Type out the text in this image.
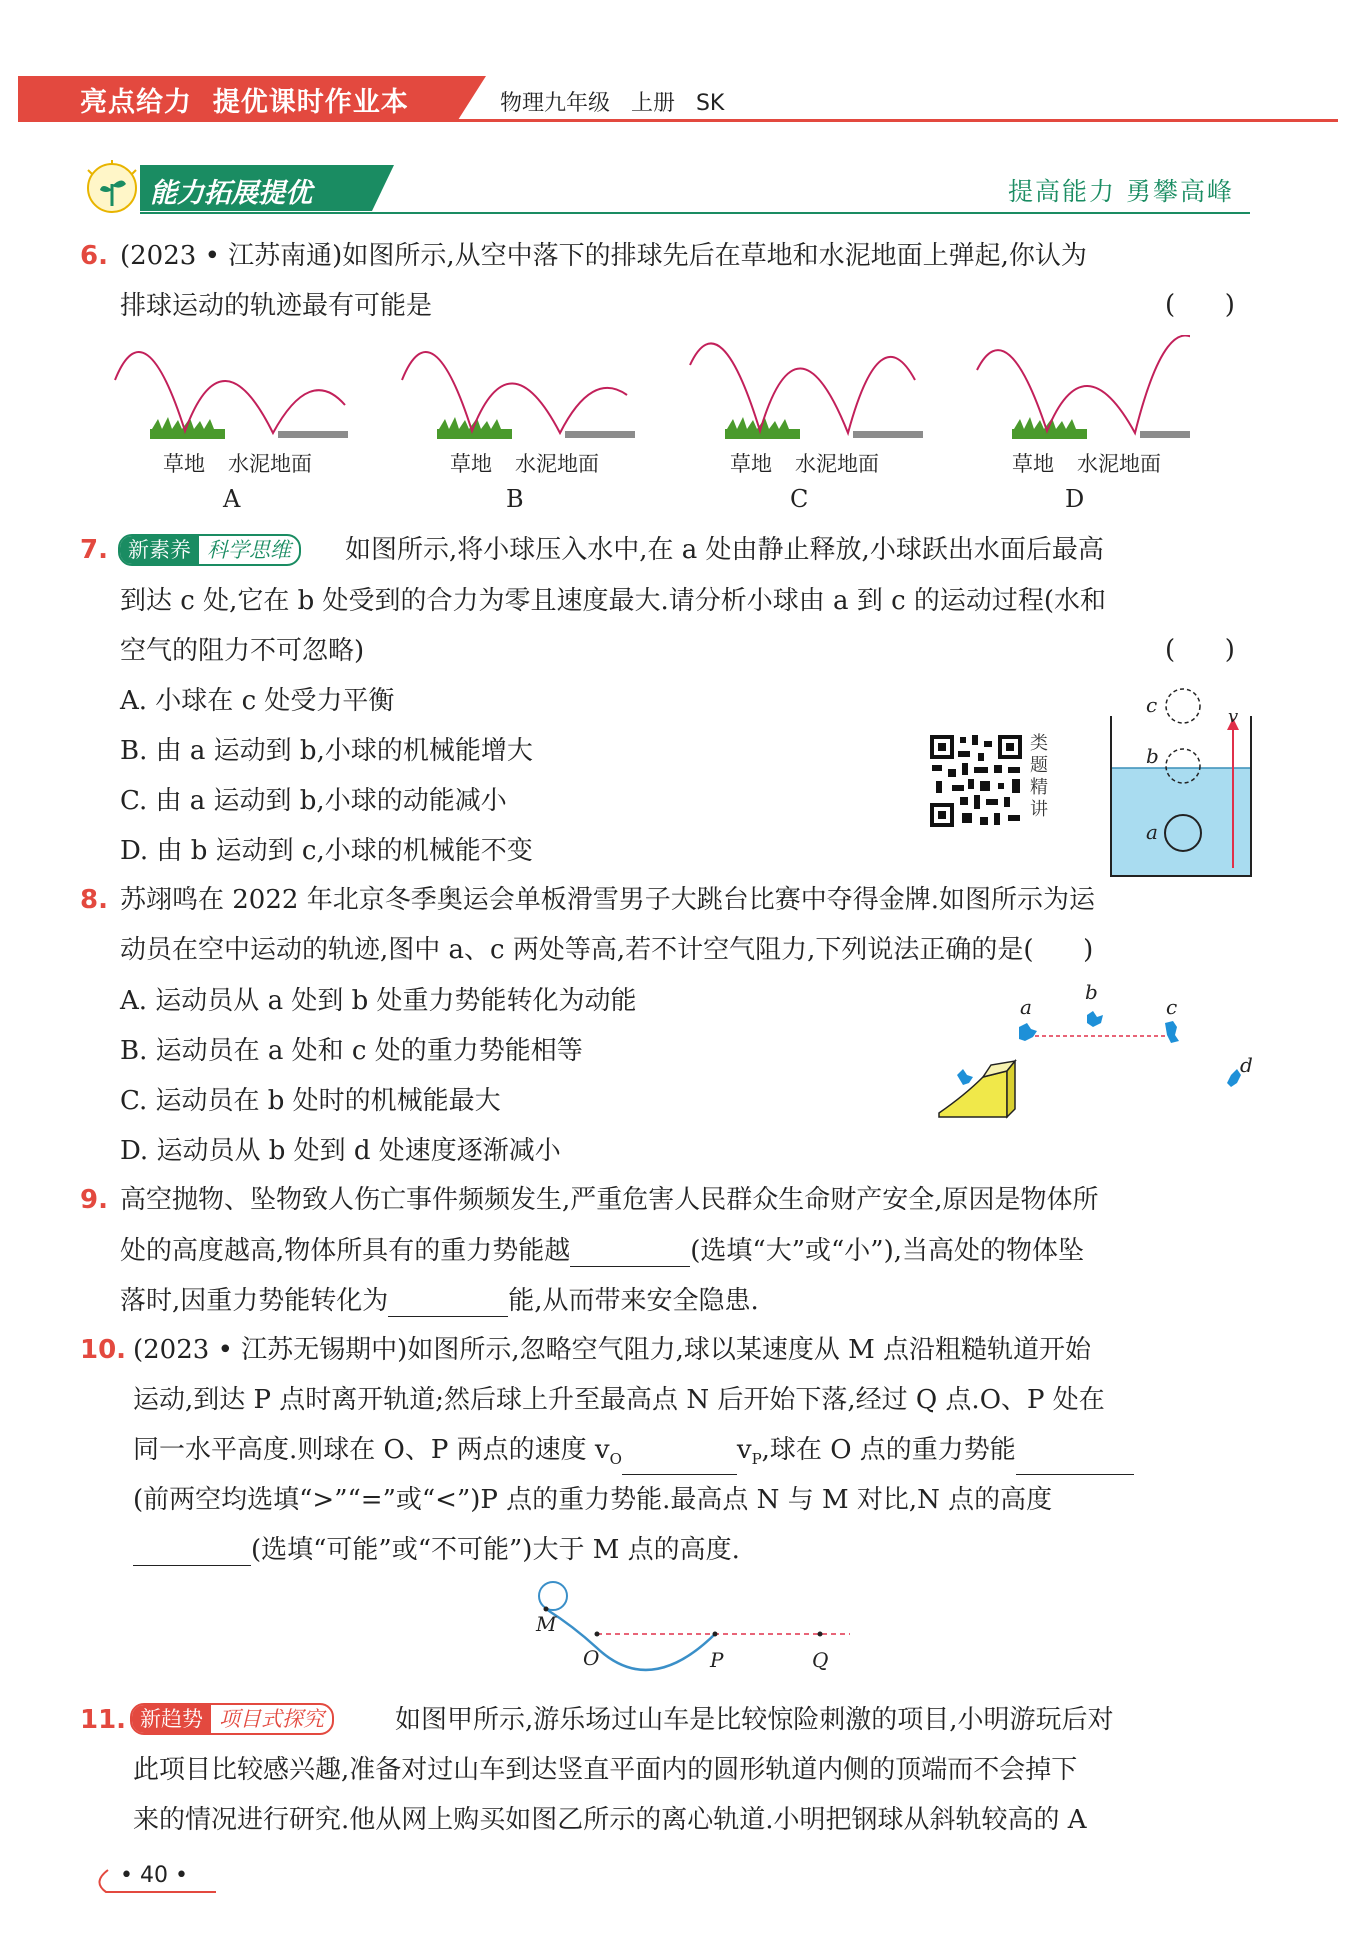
亮点给力  提优课时作业本	物理九年级   上册   SK
能力拓展提优	提高能力 勇攀高峰
6. (2023 • 江苏南通)如图所示,从空中落下的排球先后在草地和水泥地面上弹起,你认为
排球运动的轨迹最有可能是	(      )
草地 水泥地面
A
草地 水泥地面
B
草地 水泥地面
C
草地 水泥地面
D
7. 新素养 科学思维	如图所示,将小球压入水中,在 a 处由静止释放,小球跃出水面后最高
到达 c 处,它在 b 处受到的合力为零且速度最大.请分析小球由 a 到 c 的运动过程(水和
空气的阻力不可忽略)	(      )
A. 小球在 c 处受力平衡
B. 由 a 运动到 b,小球的机械能增大
C. 由 a 运动到 b,小球的动能减小
D. 由 b 运动到 c,小球的机械能不变
类
题
精
讲
c	v
b
a
8. 苏翊鸣在 2022 年北京冬季奥运会单板滑雪男子大跳台比赛中夺得金牌.如图所示为运
动员在空中运动的轨迹,图中 a、c 两处等高,若不计空气阻力,下列说法正确的是(      )
A. 运动员从 a 处到 b 处重力势能转化为动能
B. 运动员在 a 处和 c 处的重力势能相等
C. 运动员在 b 处时的机械能最大
D. 运动员从 b 处到 d 处速度逐渐减小
a
b
c
d
9. 高空抛物、坠物致人伤亡事件频频发生,严重危害人民群众生命财产安全,原因是物体所
处的高度越高,物体所具有的重力势能越	(选填“大”或“小”),当高处的物体坠
落时,因重力势能转化为	能,从而带来安全隐患.
10. (2023 • 江苏无锡期中)如图所示,忽略空气阻力,球以某速度从 M 点沿粗糙轨道开始
运动,到达 P 点时离开轨道;然后球上升至最高点 N 后开始下落,经过 Q 点.O、P 处在
同一水平高度.则球在 O、P 两点的速度 $v_O$	$v_P$,球在 O 点的重力势能
(前两空均选填“>”“=”或“<”)P 点的重力势能.最高点 N 与 M 对比,N 点的高度
(选填“可能”或“不可能”)大于 M 点的高度.
M
O	P	Q
11. 新趋势 项目式探究	如图甲所示,游乐场过山车是比较惊险刺激的项目,小明游玩后对
此项目比较感兴趣,准备对过山车到达竖直平面内的圆形轨道内侧的顶端而不会掉下
来的情况进行研究.他从网上购买如图乙所示的离心轨道.小明把钢球从斜轨较高的 A
• 40 •
